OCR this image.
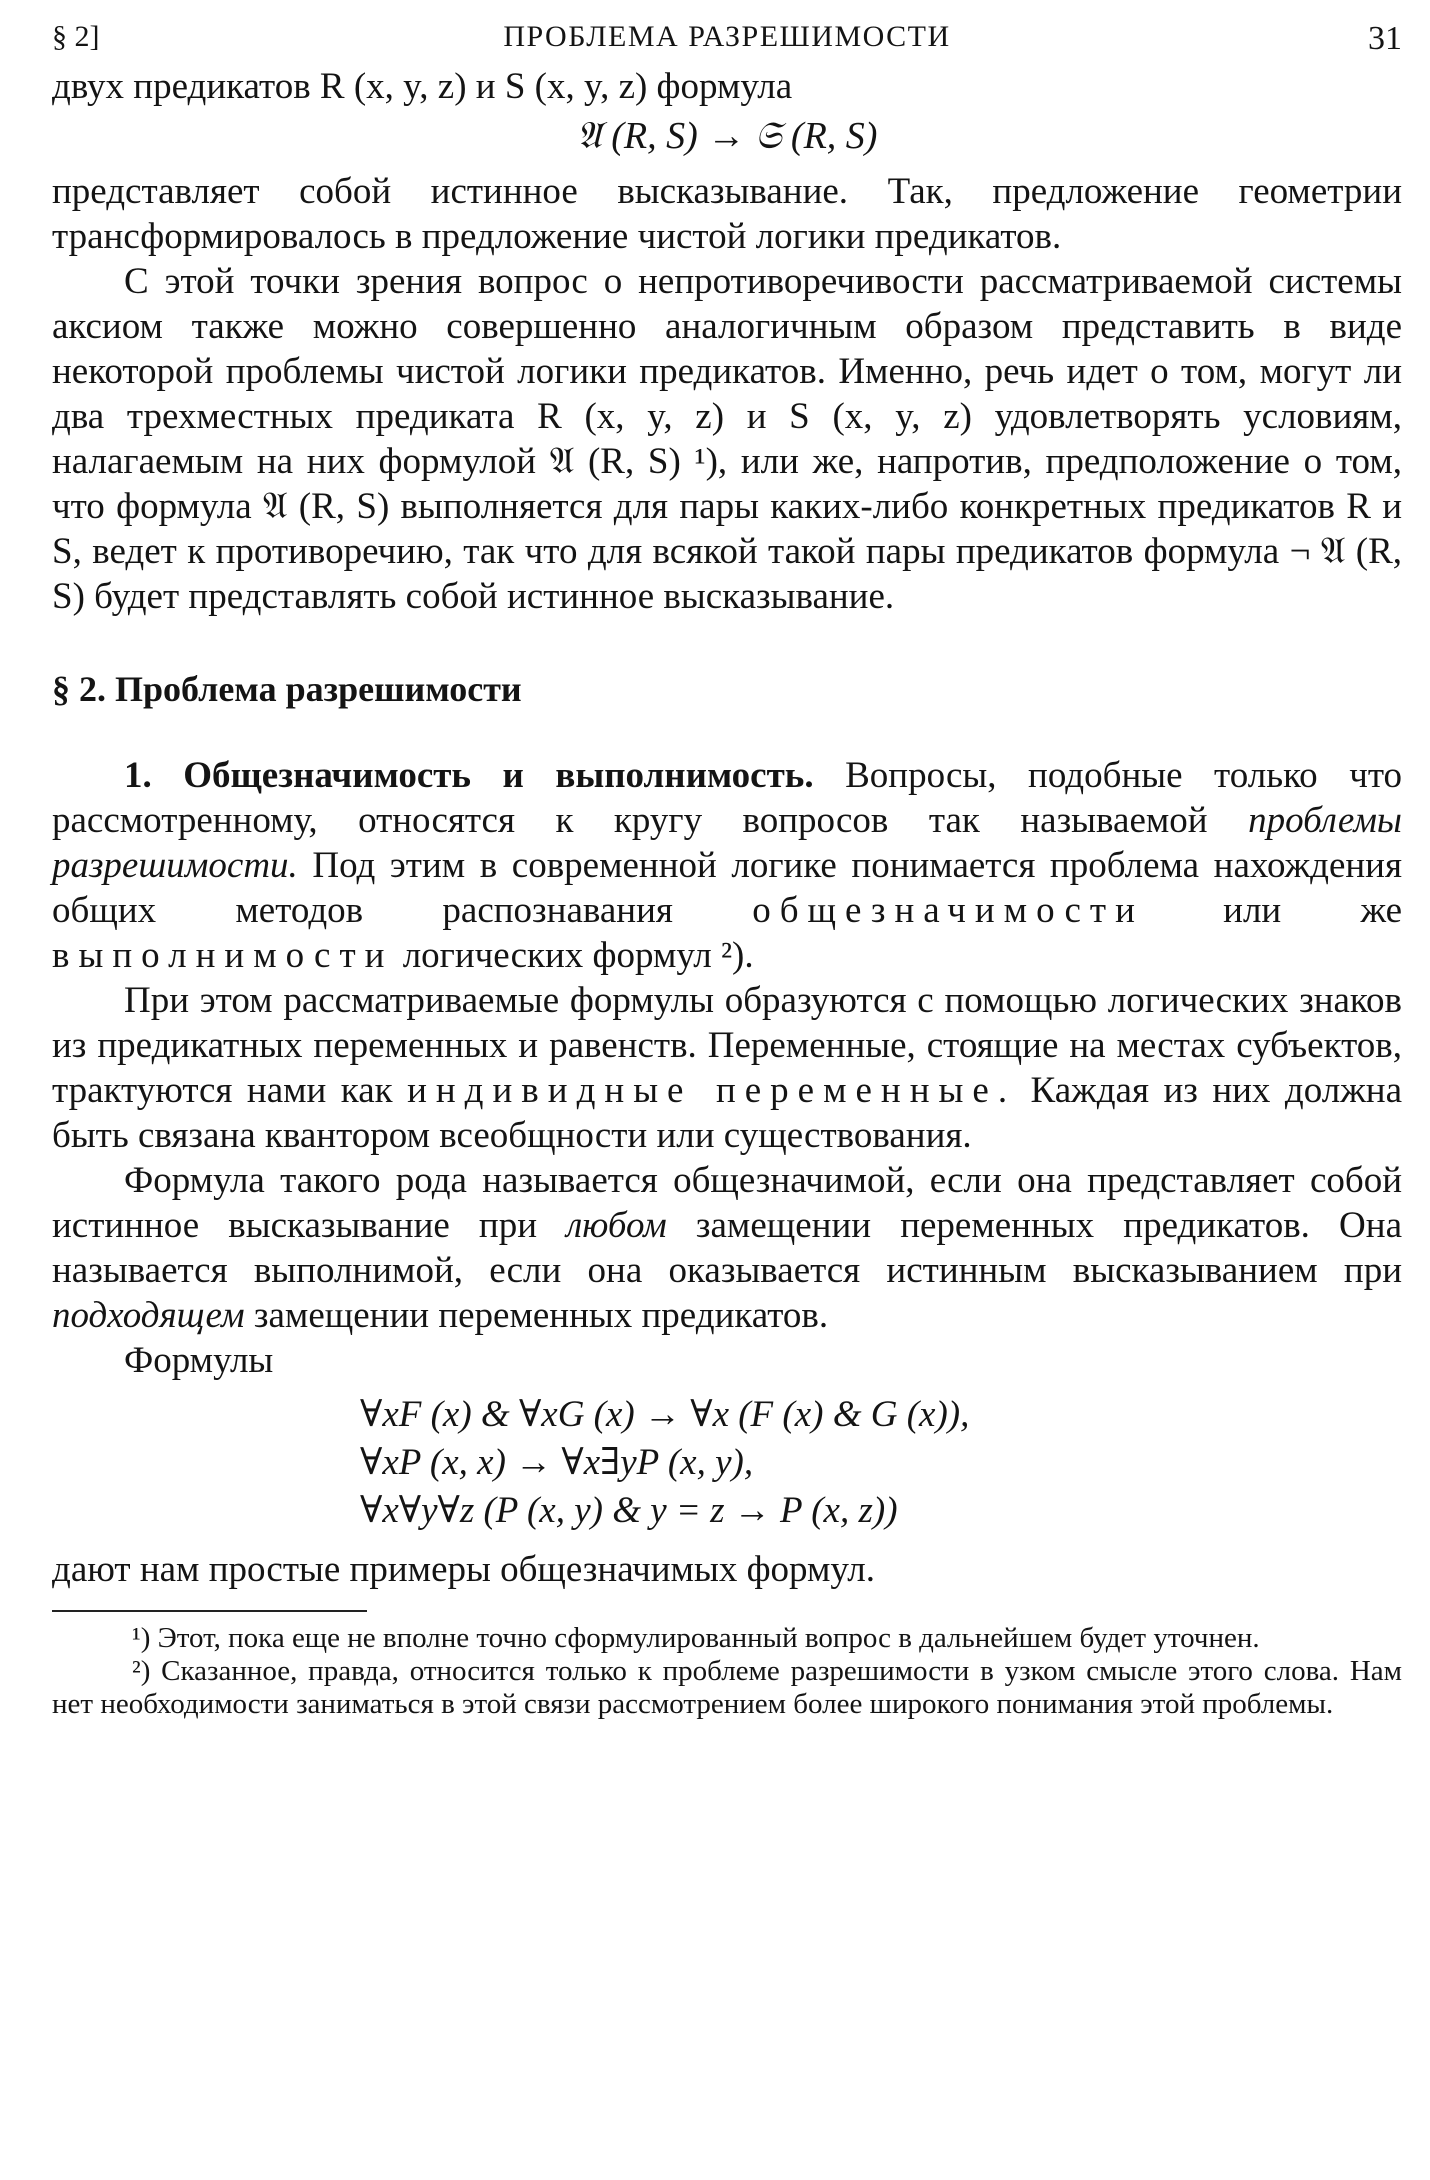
§ 2]	ПРОБЛЕМА РАЗРЕШИМОСТИ	31

двух предикатов R (x, y, z) и S (x, y, z) формула

𝔄 (R, S) → 𝔖 (R, S)

представляет собой истинное высказывание. Так, предложение геометрии трансформировалось в предложение чистой логики предикатов.

С этой точки зрения вопрос о непротиворечивости рассматриваемой системы аксиом также можно совершенно аналогичным образом представить в виде некоторой проблемы чистой логики предикатов. Именно, речь идет о том, могут ли два трехместных предиката R (x, y, z) и S (x, y, z) удовлетворять условиям, налагаемым на них формулой 𝔄 (R, S) ¹), или же, напротив, предположение о том, что формула 𝔄 (R, S) выполняется для пары каких-либо конкретных предикатов R и S, ведет к противоречию, так что для всякой такой пары предикатов формула ¬ 𝔄 (R, S) будет представлять собой истинное высказывание.

§ 2. Проблема разрешимости

1. Общезначимость и выполнимость. Вопросы, подобные только что рассмотренному, относятся к кругу вопросов так называемой проблемы разрешимости. Под этим в современной логике понимается проблема нахождения общих методов распознавания общезначимости или же выполнимости логических формул ²).

При этом рассматриваемые формулы образуются с помощью логических знаков из предикатных переменных и равенств. Переменные, стоящие на местах субъектов, трактуются нами как индивидные переменные. Каждая из них должна быть связана квантором всеобщности или существования.

Формула такого рода называется общезначимой, если она представляет собой истинное высказывание при любом замещении переменных предикатов. Она называется выполнимой, если она оказывается истинным высказыванием при подходящем замещении переменных предикатов.

Формулы

∀xF (x) & ∀xG (x) → ∀x (F (x) & G (x)),
∀xP (x, x) → ∀x∃yP (x, y),
∀x∀y∀z (P (x, y) & y = z → P (x, z))

дают нам простые примеры общезначимых формул.

¹) Этот, пока еще не вполне точно сформулированный вопрос в дальнейшем будет уточнен.

²) Сказанное, правда, относится только к проблеме разрешимости в узком смысле этого слова. Нам нет необходимости заниматься в этой связи рассмотрением более широкого понимания этой проблемы.
